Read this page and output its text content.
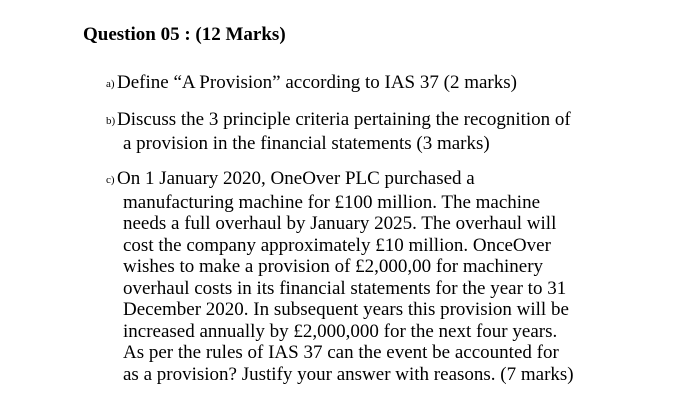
Question 05 : (12 Marks)
a) Define “A Provision” according to IAS 37 (2 marks)
b)Discuss the 3 principle criteria pertaining the recognition of
a provision in the financial statements (3 marks)
c) On 1 January 2020, OneOver PLC purchased a
manufacturing machine for £100 million. The machine
needs a full overhaul by January 2025. The overhaul will
cost the company approximately £10 million. OnceOver
wishes to make a provision of £2,000,00 for machinery
overhaul costs in its financial statements for the year to 31
December 2020. In subsequent years this provision will be
increased annually by £2,000,000 for the next four years.
As per the rules of IAS 37 can the event be accounted for
as a provision? Justify your answer with reasons. (7 marks)
